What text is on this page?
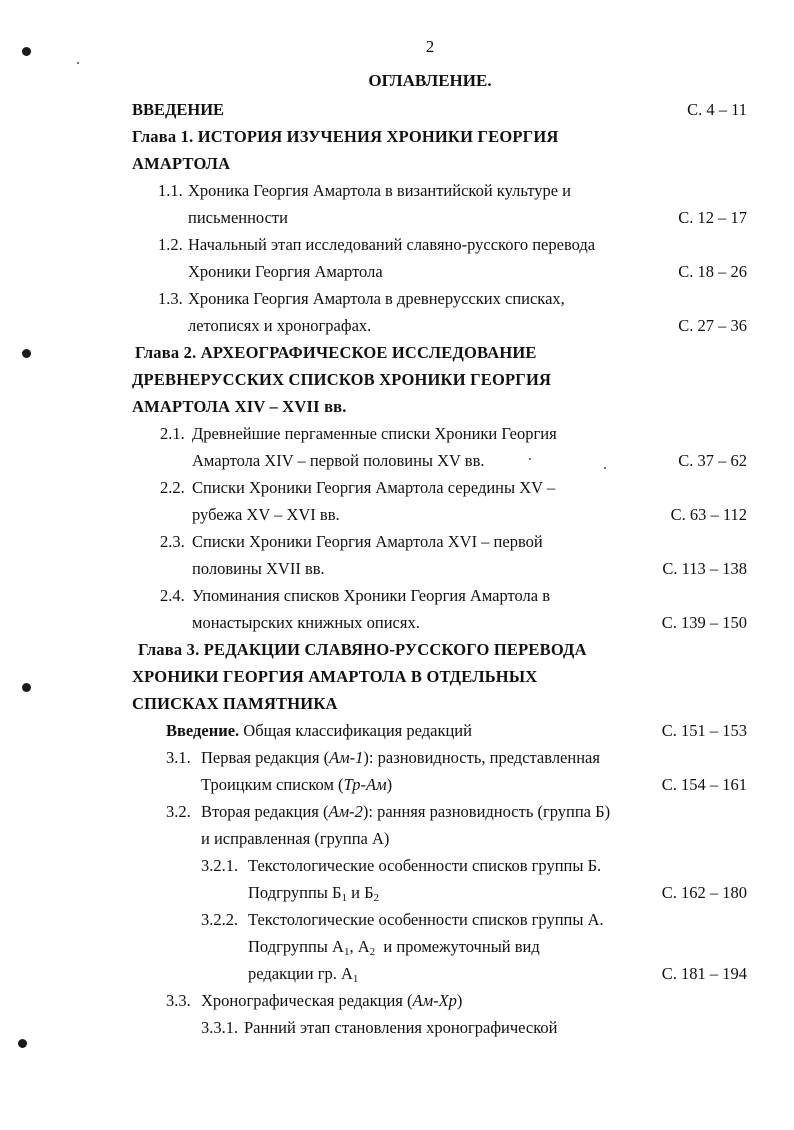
2
ОГЛАВЛЕНИЕ.
ВВЕДЕНИЕ	С. 4 – 11
Глава 1. ИСТОРИЯ ИЗУЧЕНИЯ ХРОНИКИ ГЕОРГИЯ
АМАРТОЛА
1.1. Хроника Георгия Амартола в византийской культуре и
письменности	С. 12 – 17
1.2. Начальный этап исследований славяно-русского перевода
Хроники Георгия Амартола	С. 18 – 26
1.3. Хроника Георгия Амартола в древнерусских списках,
летописях и хронографах.	С. 27 – 36
Глава 2. АРХЕОГРАФИЧЕСКОЕ ИССЛЕДОВАНИЕ
ДРЕВНЕРУССКИХ СПИСКОВ ХРОНИКИ ГЕОРГИЯ
АМАРТОЛА XIV – XVII вв.
2.1. Древнейшие пергаменные списки Хроники Георгия
Амартола XIV – первой половины XV вв.	С. 37 – 62
2.2. Списки Хроники Георгия Амартола середины XV –
рубежа XV – XVI вв.	С. 63 – 112
2.3. Списки Хроники Георгия Амартола XVI – первой
половины XVII вв.	С. 113 – 138
2.4. Упоминания списков Хроники Георгия Амартола в
монастырских книжных описях.	С. 139 – 150
Глава 3. РЕДАКЦИИ СЛАВЯНО-РУССКОГО ПЕРЕВОДА
ХРОНИКИ ГЕОРГИЯ АМАРТОЛА В ОТДЕЛЬНЫХ
СПИСКАХ ПАМЯТНИКА
Введение. Общая классификация редакций	С. 151 – 153
3.1. Первая редакция (Ам-1): разновидность, представленная
Троицким списком (Тр-Ам)	С. 154 – 161
3.2. Вторая редакция (Ам-2): ранняя разновидность (группа Б)
и исправленная (группа А)
3.2.1. Текстологические особенности списков группы Б.
Подгруппы $Б_1$ и $Б_2$	С. 162 – 180
3.2.2. Текстологические особенности списков группы А.
Подгруппы $А_1$, $А_2$  и промежуточный вид
редакции гр. $А_1$	С. 181 – 194
3.3. Хронографическая редакция (Ам-Хр)
3.3.1. Ранний этап становления хронографической
